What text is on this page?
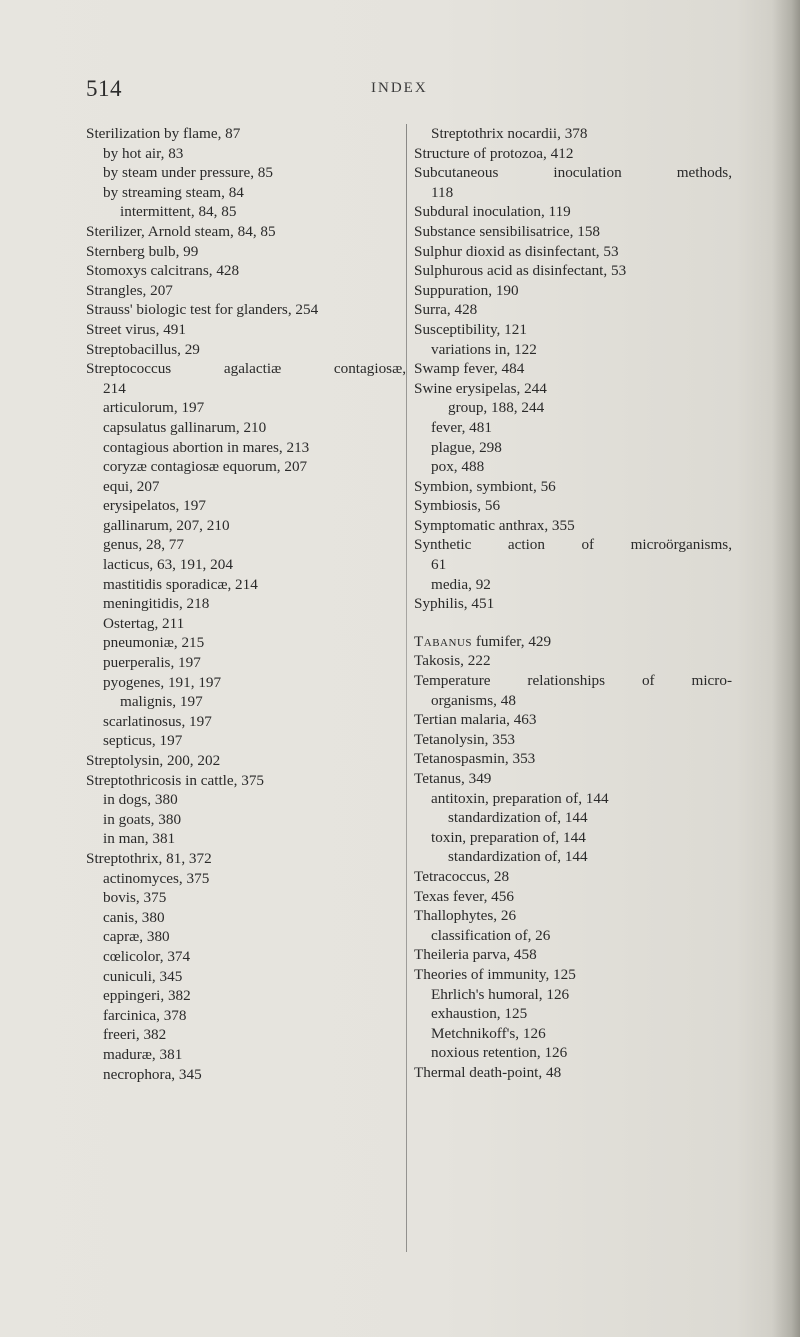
514	INDEX
Sterilization by flame, 87
by hot air, 83
by steam under pressure, 85
by streaming steam, 84
intermittent, 84, 85
Sterilizer, Arnold steam, 84, 85
Sternberg bulb, 99
Stomoxys calcitrans, 428
Strangles, 207
Strauss' biologic test for glanders, 254
Street virus, 491
Streptobacillus, 29
Streptococcus agalactiæ contagiosæ,
214
articulorum, 197
capsulatus gallinarum, 210
contagious abortion in mares, 213
coryzæ contagiosæ equorum, 207
equi, 207
erysipelatos, 197
gallinarum, 207, 210
genus, 28, 77
lacticus, 63, 191, 204
mastitidis sporadicæ, 214
meningitidis, 218
Ostertag, 211
pneumoniæ, 215
puerperalis, 197
pyogenes, 191, 197
malignis, 197
scarlatinosus, 197
septicus, 197
Streptolysin, 200, 202
Streptothricosis in cattle, 375
in dogs, 380
in goats, 380
in man, 381
Streptothrix, 81, 372
actinomyces, 375
bovis, 375
canis, 380
capræ, 380
cœlicolor, 374
cuniculi, 345
eppingeri, 382
farcinica, 378
freeri, 382
maduræ, 381
necrophora, 345
Streptothrix nocardii, 378
Structure of protozoa, 412
Subcutaneous inoculation methods,
118
Subdural inoculation, 119
Substance sensibilisatrice, 158
Sulphur dioxid as disinfectant, 53
Sulphurous acid as disinfectant, 53
Suppuration, 190
Surra, 428
Susceptibility, 121
variations in, 122
Swamp fever, 484
Swine erysipelas, 244
group, 188, 244
fever, 481
plague, 298
pox, 488
Symbion, symbiont, 56
Symbiosis, 56
Symptomatic anthrax, 355
Synthetic action of microörganisms,
61
media, 92
Syphilis, 451
Tabanus fumifer, 429
Takosis, 222
Temperature relationships of micro-
organisms, 48
Tertian malaria, 463
Tetanolysin, 353
Tetanospasmin, 353
Tetanus, 349
antitoxin, preparation of, 144
standardization of, 144
toxin, preparation of, 144
standardization of, 144
Tetracoccus, 28
Texas fever, 456
Thallophytes, 26
classification of, 26
Theileria parva, 458
Theories of immunity, 125
Ehrlich's humoral, 126
exhaustion, 125
Metchnikoff's, 126
noxious retention, 126
Thermal death-point, 48
